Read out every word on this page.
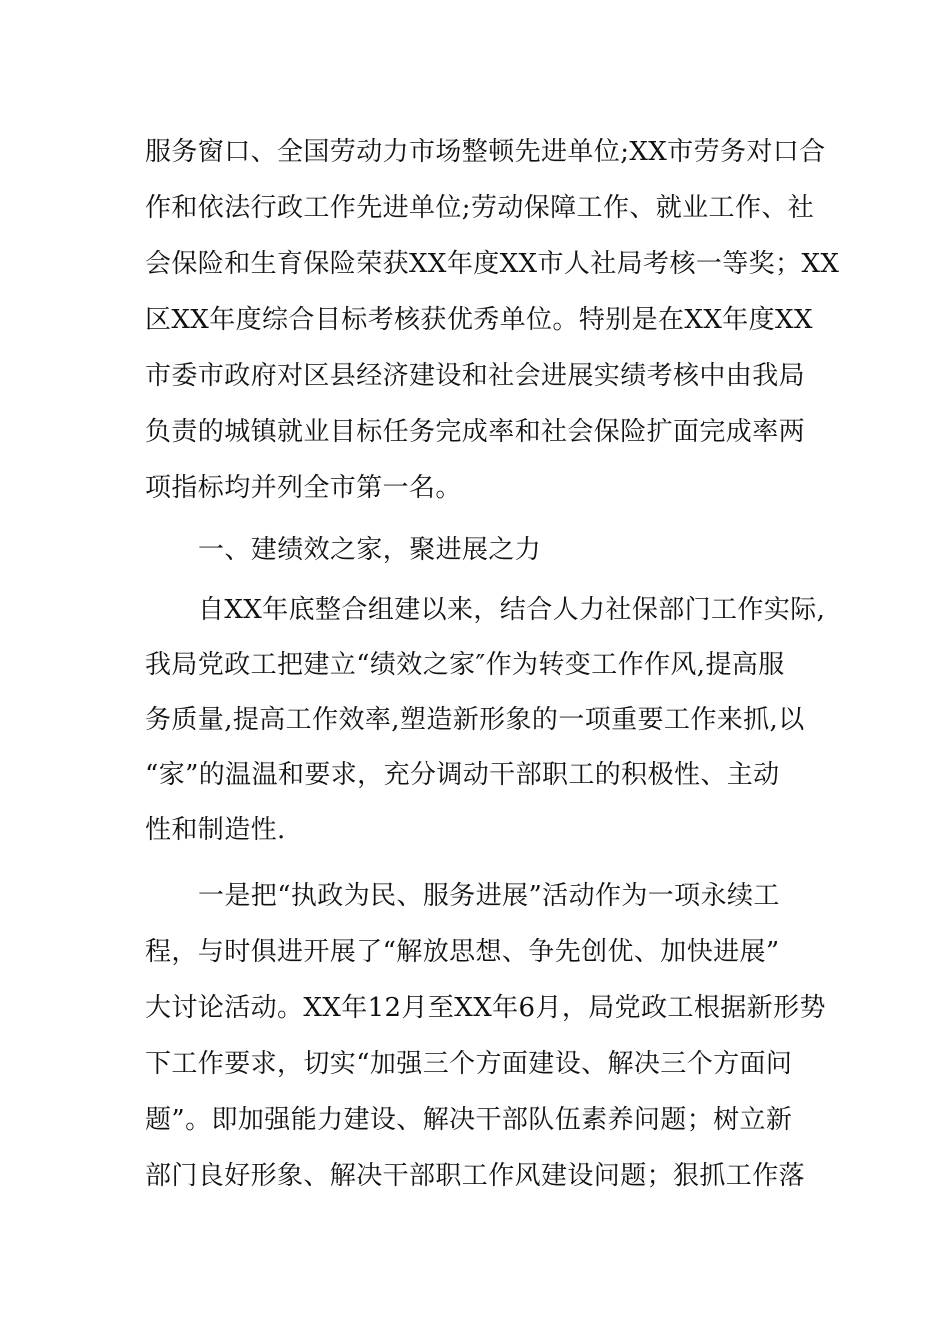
服务窗口、全国劳动力市场整顿先进单位;XX市劳务对口合
作和依法行政工作先进单位;劳动保障工作、就业工作、社
会保险和生育保险荣获XX年度XX市人社局考核一等奖；XX
区XX年度综合目标考核获优秀单位。特别是在XX年度XX
市委市政府对区县经济建设和社会进展实绩考核中由我局
负责的城镇就业目标任务完成率和社会保险扩面完成率两
项指标均并列全市第一名。
一、建绩效之家，聚进展之力
自XX年底整合组建以来，结合人力社保部门工作实际,
我局党政工把建立“绩效之家″作为转变工作作风,提高服
务质量,提高工作效率,塑造新形象的一项重要工作来抓,以
“家”的温温和要求，充分调动干部职工的积极性、主动
性和制造性.
一是把“执政为民、服务进展”活动作为一项永续工
程，与时俱进开展了“解放思想、争先创优、加快进展”
大讨论活动。XX年12月至XX年6月，局党政工根据新形势
下工作要求，切实“加强三个方面建设、解决三个方面问
题”。即加强能力建设、解决干部队伍素养问题；树立新
部门良好形象、解决干部职工作风建设问题；狠抓工作落
